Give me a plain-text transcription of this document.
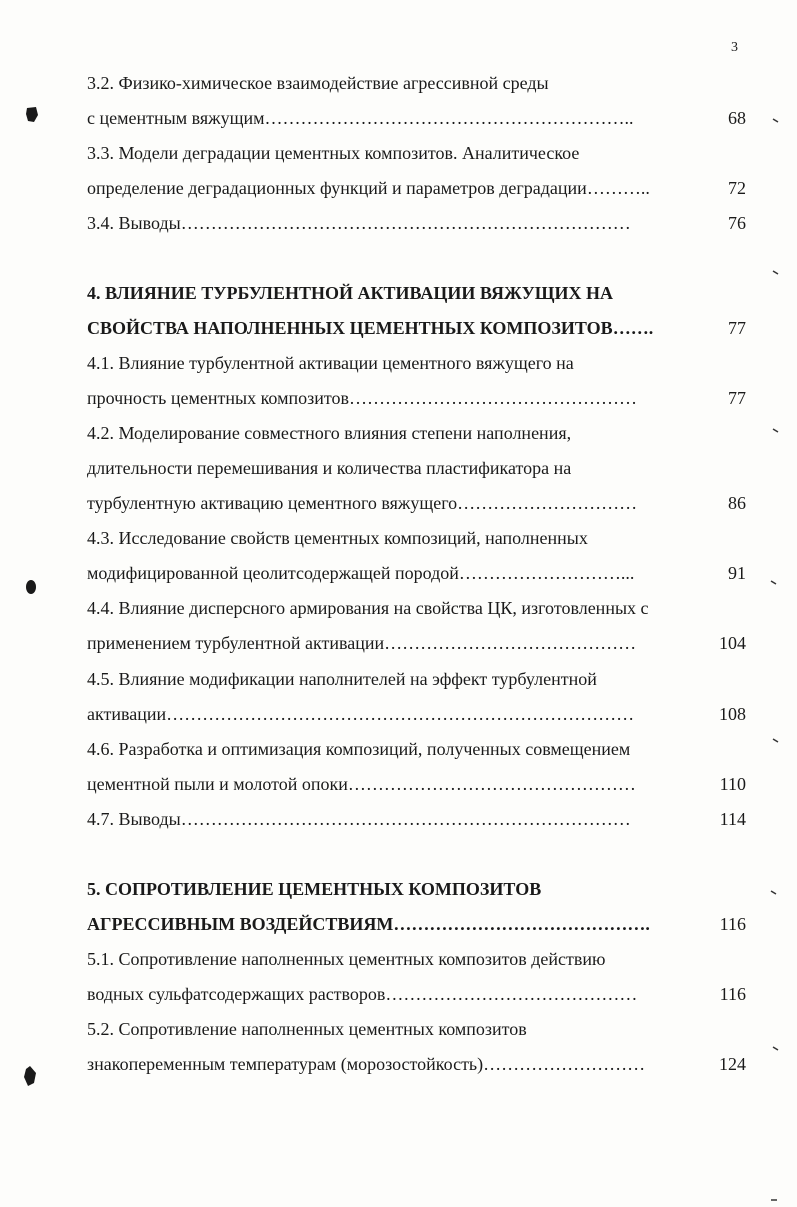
3
3.2. Физико-химическое взаимодействие агрессивной среды
с цементным вяжущим……………………………………………………..	68
3.3. Модели деградации цементных композитов. Аналитическое
определение деградационных функций и параметров деградации………..	72
3.4. Выводы…………………………………………………………………	76
4. ВЛИЯНИЕ ТУРБУЛЕНТНОЙ АКТИВАЦИИ ВЯЖУЩИХ НА
СВОЙСТВА НАПОЛНЕННЫХ ЦЕМЕНТНЫХ КОМПОЗИТОВ…….	77
4.1. Влияние турбулентной активации цементного вяжущего на
прочность цементных композитов…………………………………………	77
4.2. Моделирование совместного влияния степени наполнения,
длительности перемешивания и количества пластификатора на
турбулентную активацию цементного вяжущего…………………………	86
4.3. Исследование свойств цементных композиций, наполненных
модифицированной цеолитсодержащей породой………………………...	91
4.4. Влияние дисперсного армирования на свойства ЦК, изготовленных с
применением турбулентной активации……………………………………	104
4.5. Влияние модификации наполнителей на эффект турбулентной
активации……………………………………………………………………	108
4.6. Разработка и оптимизация композиций, полученных совмещением
цементной пыли и молотой опоки…………………………………………	110
4.7. Выводы…………………………………………………………………	114
5. СОПРОТИВЛЕНИЕ ЦЕМЕНТНЫХ КОМПОЗИТОВ
АГРЕССИВНЫМ ВОЗДЕЙСТВИЯМ…………………………………….	116
5.1. Сопротивление наполненных цементных композитов действию
водных сульфатсодержащих растворов……………………………………	116
5.2. Сопротивление наполненных цементных композитов
знакопеременным температурам (морозостойкость)………………………	124
